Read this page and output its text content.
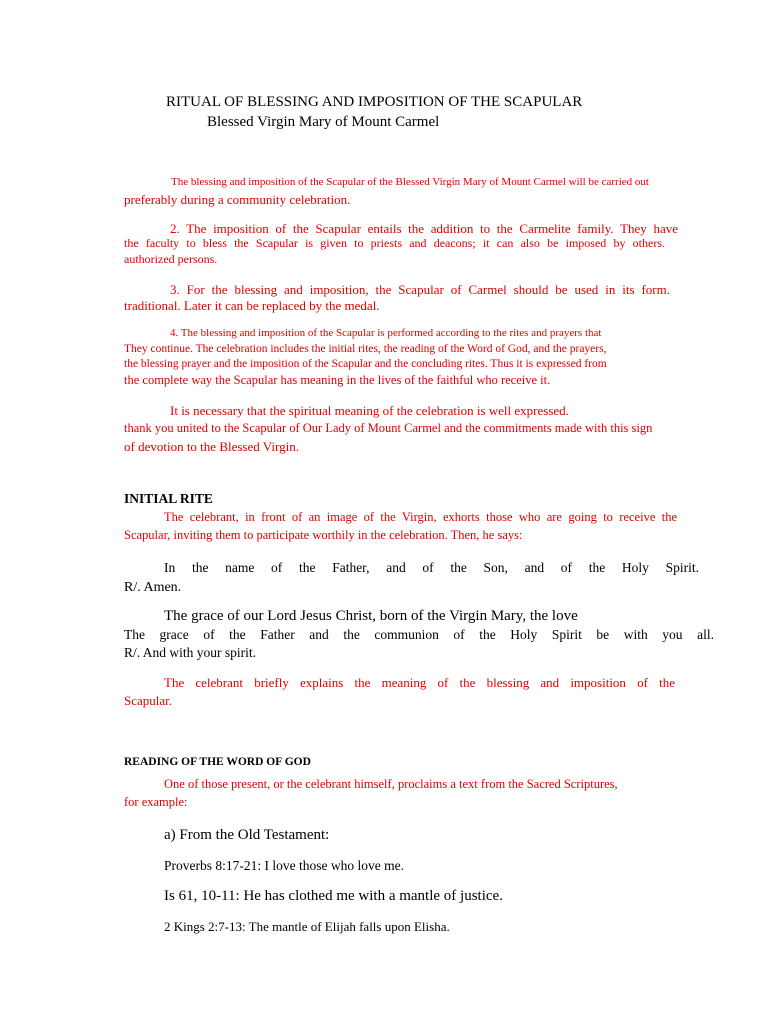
RITUAL OF BLESSING AND IMPOSITION OF THE SCAPULAR
Blessed Virgin Mary of Mount Carmel
The blessing and imposition of the Scapular of the Blessed Virgin Mary of Mount Carmel will be carried out
preferably during a community celebration.
2. The imposition of the Scapular entails the addition to the Carmelite family. They have
the faculty to bless the Scapular is given to priests and deacons; it can also be imposed by others.
authorized persons.
3. For the blessing and imposition, the Scapular of Carmel should be used in its form.
traditional. Later it can be replaced by the medal.
4. The blessing and imposition of the Scapular is performed according to the rites and prayers that
They continue. The celebration includes the initial rites, the reading of the Word of God, and the prayers,
the blessing prayer and the imposition of the Scapular and the concluding rites. Thus it is expressed from
the complete way the Scapular has meaning in the lives of the faithful who receive it.
It is necessary that the spiritual meaning of the celebration is well expressed.
thank you united to the Scapular of Our Lady of Mount Carmel and the commitments made with this sign
of devotion to the Blessed Virgin.
INITIAL RITE
The celebrant, in front of an image of the Virgin, exhorts those who are going to receive the
Scapular, inviting them to participate worthily in the celebration. Then, he says:
In the name of the Father, and of the Son, and of the Holy Spirit.
R/. Amen.
The grace of our Lord Jesus Christ, born of the Virgin Mary, the love
The grace of the Father and the communion of the Holy Spirit be with you all.
R/. And with your spirit.
The celebrant briefly explains the meaning of the blessing and imposition of the
Scapular.
READING OF THE WORD OF GOD
One of those present, or the celebrant himself, proclaims a text from the Sacred Scriptures,
for example:
a) From the Old Testament:
Proverbs 8:17-21: I love those who love me.
Is 61, 10-11: He has clothed me with a mantle of justice.
2 Kings 2:7-13: The mantle of Elijah falls upon Elisha.
